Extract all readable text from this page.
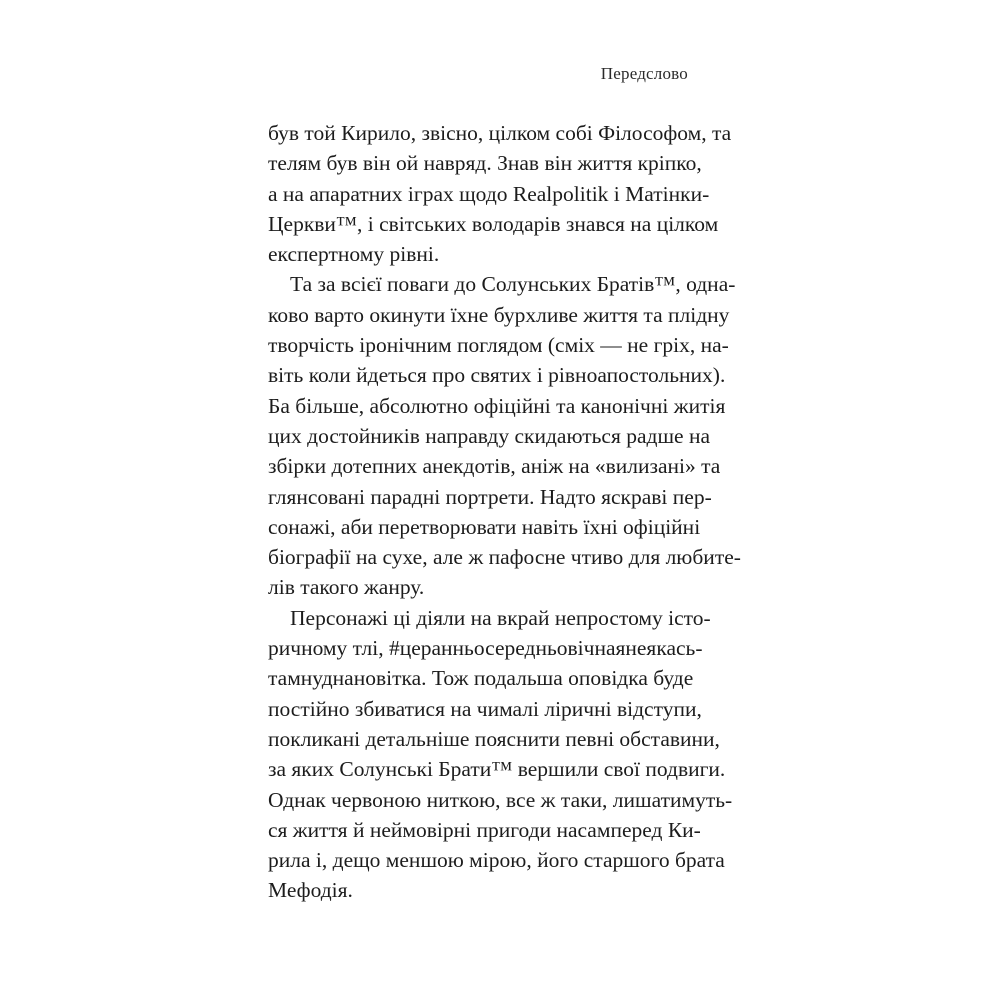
Передслово
був той Кирило, звісно, цілком собі Філософом, та
телям був він ой навряд. Знав він життя кріпко,
а на апаратних іграх щодо Realpolitik і Матінки-
Церкви™, і світських володарів знався на цілком
експертному рівні.
Та за всієї поваги до Солунських Братів™, одна-
ково варто окинути їхне бурхливе життя та плідну
творчість іронічним поглядом (сміх — не гріх, на-
віть коли йдеться про святих і рівноапостольних).
Ба більше, абсолютно офіційні та канонічні житія
цих достойників направду скидаються радше на
збірки дотепних анекдотів, аніж на «вилизані» та
глянсовані парадні портрети. Надто яскраві пер-
сонажі, аби перетворювати навіть їхні офіційні
біографії на сухе, але ж пафосне чтиво для любите-
лів такого жанру.
Персонажі ці діяли на вкрай непростому істо-
ричному тлі, #церанньосередньовічнаянеякась-
тамнуднановітка. Тож подальша оповідка буде
постійно збиватися на чималі ліричні відступи,
покликані детальніше пояснити певні обставини,
за яких Солунські Брати™ вершили свої подвиги.
Однак червоною ниткою, все ж таки, лишатимуть-
ся життя й неймовірні пригоди насамперед Ки-
рила і, дещо меншою мірою, його старшого брата
Мефодія.
